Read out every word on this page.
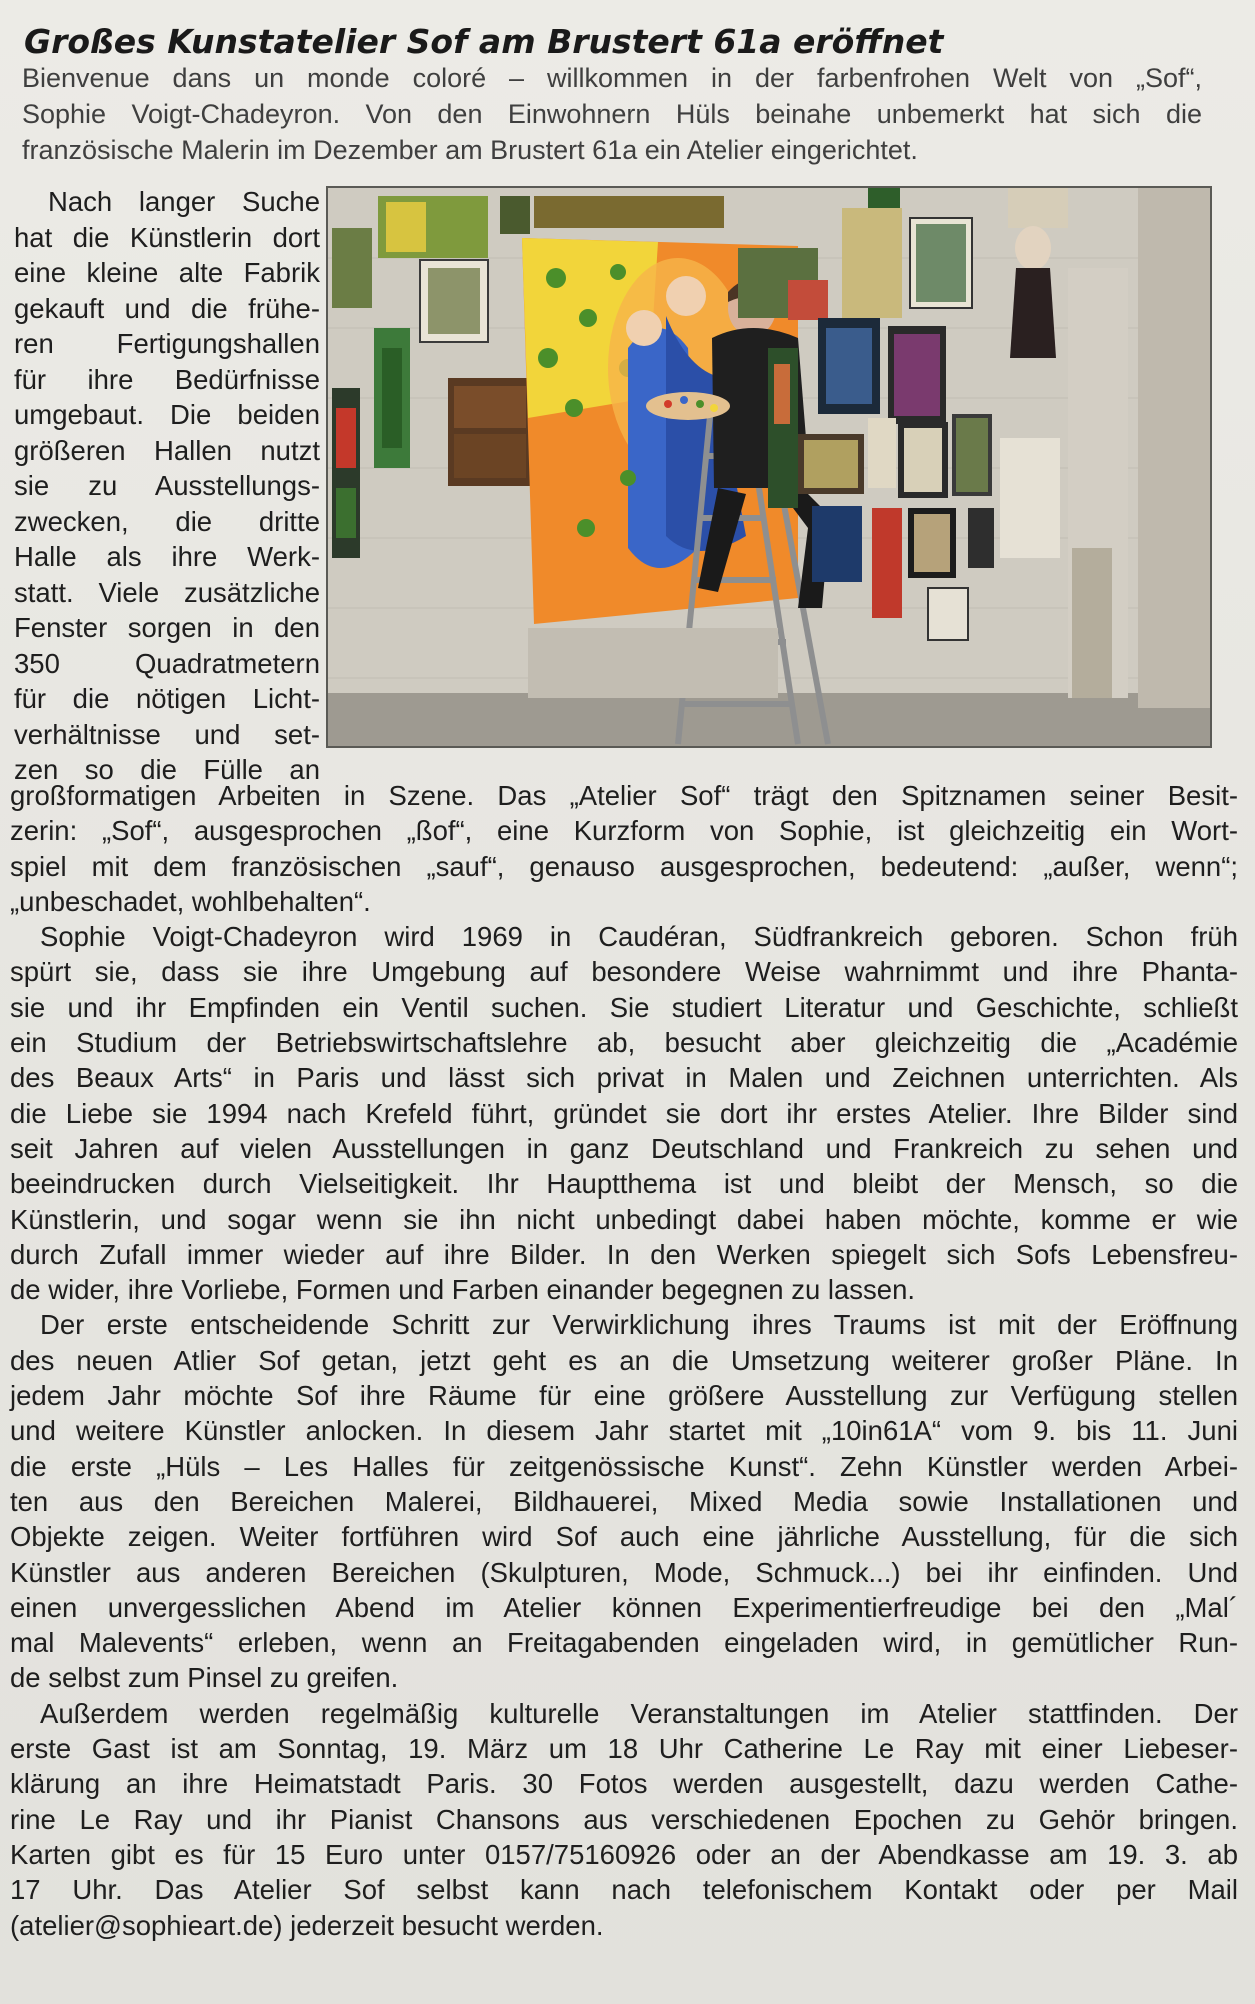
Großes Kunstatelier Sof am Brustert 61a eröffnet
Bienvenue dans un monde coloré – willkommen in der farbenfrohen Welt von „Sof“,
Sophie Voigt-Chadeyron. Von den Einwohnern Hüls beinahe unbemerkt hat sich die
französische Malerin im Dezember am Brustert 61a ein Atelier eingerichtet.
Nach langer Suche
hat die Künstlerin dort
eine kleine alte Fabrik
gekauft und die frühe-
ren Fertigungshallen
für ihre Bedürfnisse
umgebaut. Die beiden
größeren Hallen nutzt
sie zu Ausstellungs-
zwecken, die dritte
Halle als ihre Werk-
statt. Viele zusätzliche
Fenster sorgen in den
350 Quadratmetern
für die nötigen Licht-
verhältnisse und set-
zen so die Fülle an
großformatigen Arbeiten in Szene. Das „Atelier Sof“ trägt den Spitznamen seiner Besit-
zerin: „Sof“, ausgesprochen „ßof“, eine Kurzform von Sophie, ist gleichzeitig ein Wort-
spiel mit dem französischen „sauf“, genauso ausgesprochen, bedeutend: „außer, wenn“;
„unbeschadet, wohlbehalten“.
Sophie Voigt-Chadeyron wird 1969 in Caudéran, Südfrankreich geboren. Schon früh
spürt sie, dass sie ihre Umgebung auf besondere Weise wahrnimmt und ihre Phanta-
sie und ihr Empfinden ein Ventil suchen. Sie studiert Literatur und Geschichte, schließt
ein Studium der Betriebswirtschaftslehre ab, besucht aber gleichzeitig die „Académie
des Beaux Arts“ in Paris und lässt sich privat in Malen und Zeichnen unterrichten. Als
die Liebe sie 1994 nach Krefeld führt, gründet sie dort ihr erstes Atelier. Ihre Bilder sind
seit Jahren auf vielen Ausstellungen in ganz Deutschland und Frankreich zu sehen und
beeindrucken durch Vielseitigkeit. Ihr Hauptthema ist und bleibt der Mensch, so die
Künstlerin, und sogar wenn sie ihn nicht unbedingt dabei haben möchte, komme er wie
durch Zufall immer wieder auf ihre Bilder. In den Werken spiegelt sich Sofs Lebensfreu-
de wider, ihre Vorliebe, Formen und Farben einander begegnen zu lassen.
Der erste entscheidende Schritt zur Verwirklichung ihres Traums ist mit der Eröffnung
des neuen Atlier Sof getan, jetzt geht es an die Umsetzung weiterer großer Pläne. In
jedem Jahr möchte Sof ihre Räume für eine größere Ausstellung zur Verfügung stellen
und weitere Künstler anlocken. In diesem Jahr startet mit „10in61A“ vom 9. bis 11. Juni
die erste „Hüls – Les Halles für zeitgenössische Kunst“. Zehn Künstler werden Arbei-
ten aus den Bereichen Malerei, Bildhauerei, Mixed Media sowie Installationen und
Objekte zeigen. Weiter fortführen wird Sof auch eine jährliche Ausstellung, für die sich
Künstler aus anderen Bereichen (Skulpturen, Mode, Schmuck...) bei ihr einfinden. Und
einen unvergesslichen Abend im Atelier können Experimentierfreudige bei den „Mal´
mal Malevents“ erleben, wenn an Freitagabenden eingeladen wird, in gemütlicher Run-
de selbst zum Pinsel zu greifen.
Außerdem werden regelmäßig kulturelle Veranstaltungen im Atelier stattfinden. Der
erste Gast ist am Sonntag, 19. März um 18 Uhr Catherine Le Ray mit einer Liebeser-
klärung an ihre Heimatstadt Paris. 30 Fotos werden ausgestellt, dazu werden Cathe-
rine Le Ray und ihr Pianist Chansons aus verschiedenen Epochen zu Gehör bringen.
Karten gibt es für 15 Euro unter 0157/75160926 oder an der Abendkasse am 19. 3. ab
17 Uhr. Das Atelier Sof selbst kann nach telefonischem Kontakt oder per Mail
(atelier@sophieart.de) jederzeit besucht werden.
